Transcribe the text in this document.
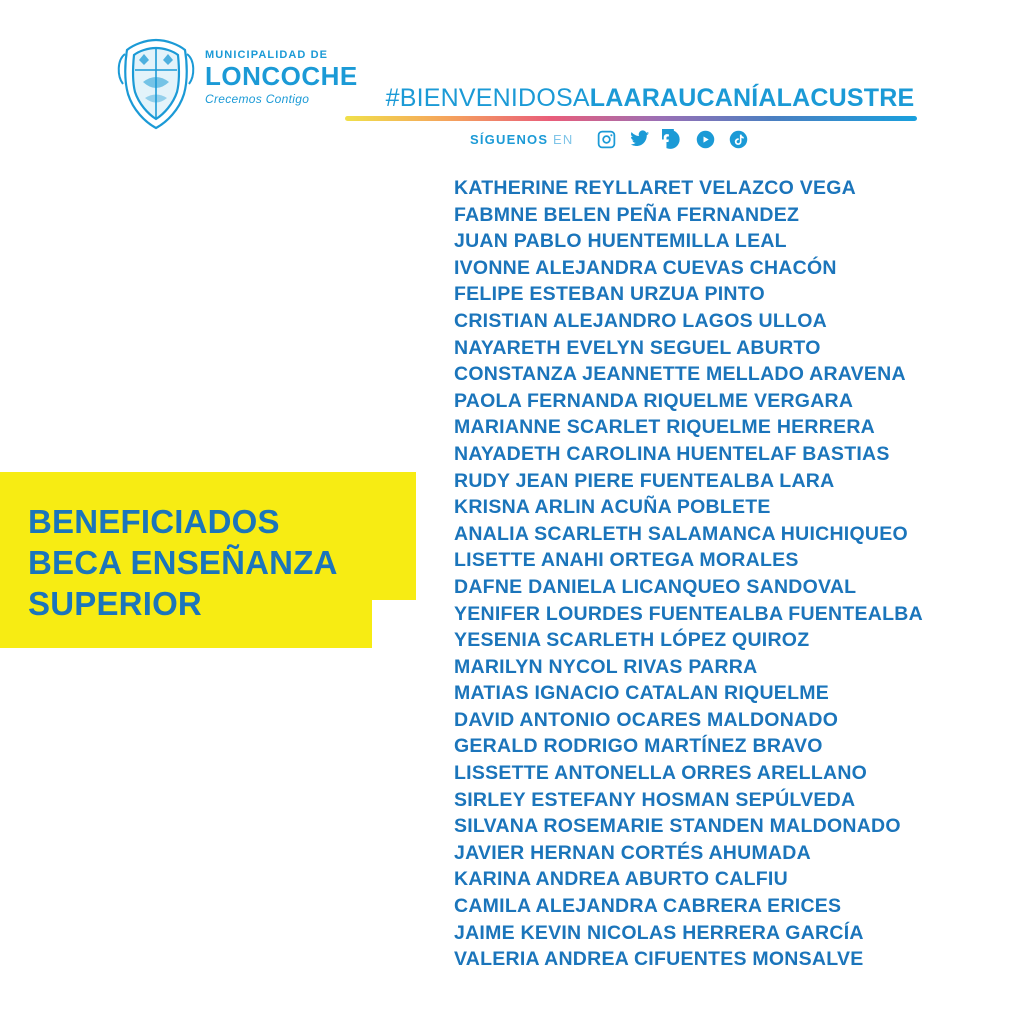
MUNICIPALIDAD DE
LONCOCHE
Crecemos Contigo	#BIENVENIDOSALAARAUCANÍALACUSTRE
SÍGUENOS EN
BENEFICIADOS
BECA ENSEÑANZA
SUPERIOR
KATHERINE REYLLARET VELAZCO VEGA
FABMNE BELEN PEÑA FERNANDEZ
JUAN PABLO HUENTEMILLA LEAL
IVONNE ALEJANDRA CUEVAS CHACÓN
FELIPE ESTEBAN URZUA PINTO
CRISTIAN ALEJANDRO LAGOS ULLOA
NAYARETH EVELYN SEGUEL ABURTO
CONSTANZA JEANNETTE MELLADO ARAVENA
PAOLA FERNANDA RIQUELME VERGARA
MARIANNE SCARLET RIQUELME HERRERA
NAYADETH CAROLINA HUENTELAF BASTIAS
RUDY JEAN PIERE FUENTEALBA LARA
KRISNA ARLIN ACUÑA POBLETE
ANALIA SCARLETH SALAMANCA HUICHIQUEO
LISETTE ANAHI ORTEGA MORALES
DAFNE DANIELA LICANQUEO SANDOVAL
YENIFER LOURDES FUENTEALBA FUENTEALBA
YESENIA SCARLETH LÓPEZ QUIROZ
MARILYN NYCOL RIVAS PARRA
MATIAS IGNACIO CATALAN RIQUELME
DAVID ANTONIO OCARES MALDONADO
GERALD RODRIGO MARTÍNEZ BRAVO
LISSETTE ANTONELLA ORRES ARELLANO
SIRLEY ESTEFANY HOSMAN SEPÚLVEDA
SILVANA ROSEMARIE STANDEN MALDONADO
JAVIER HERNAN CORTÉS AHUMADA
KARINA ANDREA ABURTO CALFIU
CAMILA ALEJANDRA CABRERA ERICES
JAIME KEVIN NICOLAS HERRERA GARCÍA
VALERIA ANDREA CIFUENTES MONSALVE
